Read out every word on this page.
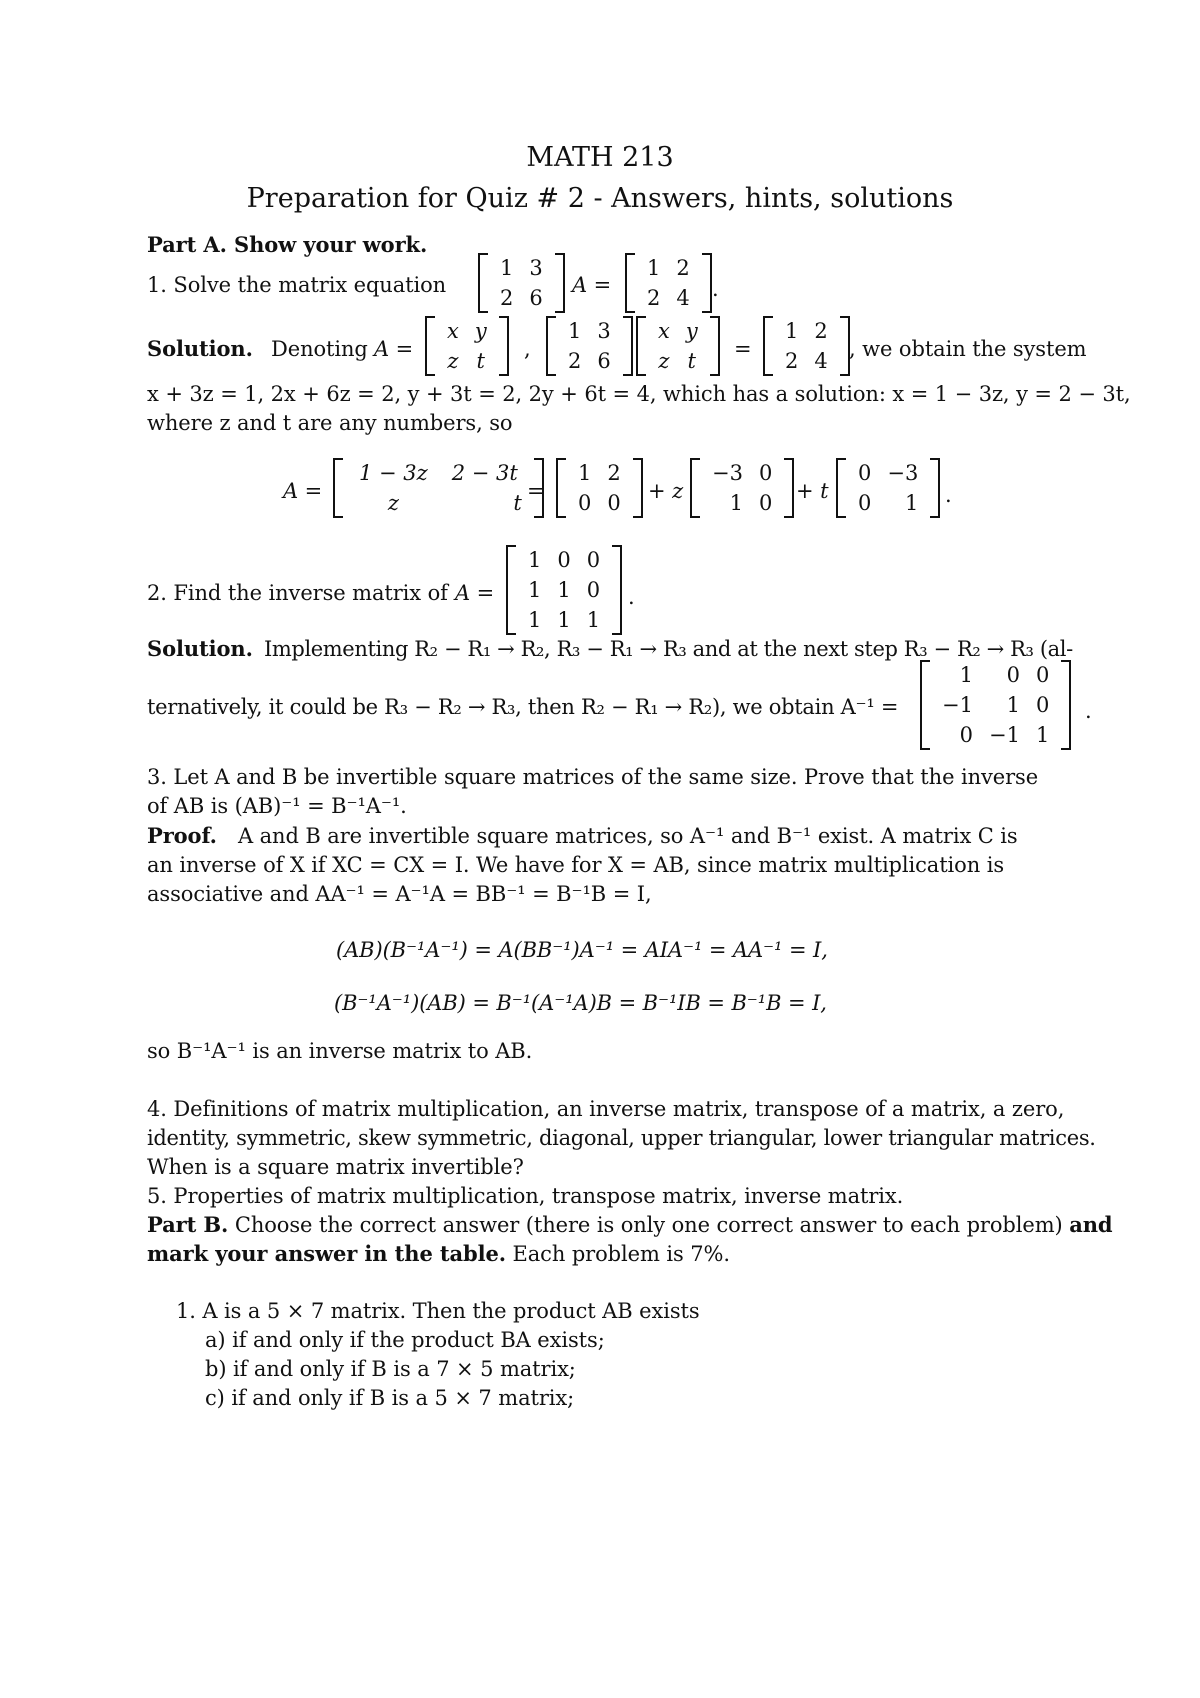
MATH 213
Preparation for Quiz # 2 - Answers, hints, solutions
Part A. Show your work.
1. Solve the matrix equation
1	3
2	6
A =
1	2
2	4 .
Solution. Denoting A =
x	y
z	t ,
1	3
2	6
x	y
z	t =
1	2
2	4 , we obtain the system
x + 3z = 1, 2x + 6z = 2, y + 3t = 2, 2y + 6t = 4, which has a solution: x = 1 − 3z, y = 2 − 3t,
where z and t are any numbers, so
A =
1 − 3z	2 − 3t
z	t =
1	2
0	0 + z
−3	0
1	0 + t
0	−3
0	1 .
2. Find the inverse matrix of A =
1	0	0
1	1	0
1	1	1
.
Solution. Implementing R₂ − R₁ → R₂, R₃ − R₁ → R₃ and at the next step R₃ − R₂ → R₃ (al-
ternatively, it could be R₃ − R₂ → R₃, then R₂ − R₁ → R₂), we obtain A⁻¹ =
1	0	0
−1	1	0
0	−1	1
.
3. Let A and B be invertible square matrices of the same size. Prove that the inverse
of AB is (AB)⁻¹ = B⁻¹A⁻¹.
Proof. A and B are invertible square matrices, so A⁻¹ and B⁻¹ exist. A matrix C is
an inverse of X if XC = CX = I. We have for X = AB, since matrix multiplication is
associative and AA⁻¹ = A⁻¹A = BB⁻¹ = B⁻¹B = I,
(AB)(B⁻¹A⁻¹) = A(BB⁻¹)A⁻¹ = AIA⁻¹ = AA⁻¹ = I,
(B⁻¹A⁻¹)(AB) = B⁻¹(A⁻¹A)B = B⁻¹IB = B⁻¹B = I,
so B⁻¹A⁻¹ is an inverse matrix to AB.
4. Definitions of matrix multiplication, an inverse matrix, transpose of a matrix, a zero,
identity, symmetric, skew symmetric, diagonal, upper triangular, lower triangular matrices.
When is a square matrix invertible?
5. Properties of matrix multiplication, transpose matrix, inverse matrix.
Part B. Choose the correct answer (there is only one correct answer to each problem) and
mark your answer in the table. Each problem is 7%.
1. A is a 5 × 7 matrix. Then the product AB exists
a) if and only if the product BA exists;
b) if and only if B is a 7 × 5 matrix;
c) if and only if B is a 5 × 7 matrix;
